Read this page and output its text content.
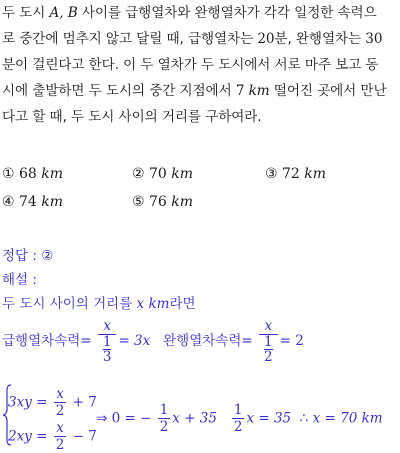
두 도시 A, B 사이를 급행열차와 완행열차가 각각 일정한 속력으
로 중간에 멈추지 않고 달릴 때, 급행열차는 20분, 완행열차는 30
분이 걸린다고 한다. 이 두 열차가 두 도시에서 서로 마주 보고 동
시에 출발하면 두 도시의 중간 지점에서 7 km 떨어진 곳에서 만난
다고 할 때, 두 도시 사이의 거리를 구하여라.
① 68 km	② 70 km	③ 72 km
④ 74 km	⑤ 76 km
정답 : ②
해설 :
두 도시 사이의 거리를 x km라면
급행열차속력= x
1
3 = 3x 완행열차속력= x
1
2 = 2
$3xy = \frac{x}{2} + 7$
$2xy = \frac{x}{2} - 7$
⇒ 0 = − $\frac{1}{2}$ $x + 35 \frac{1}{2}$ x = 35 ∴ x = 70 km
